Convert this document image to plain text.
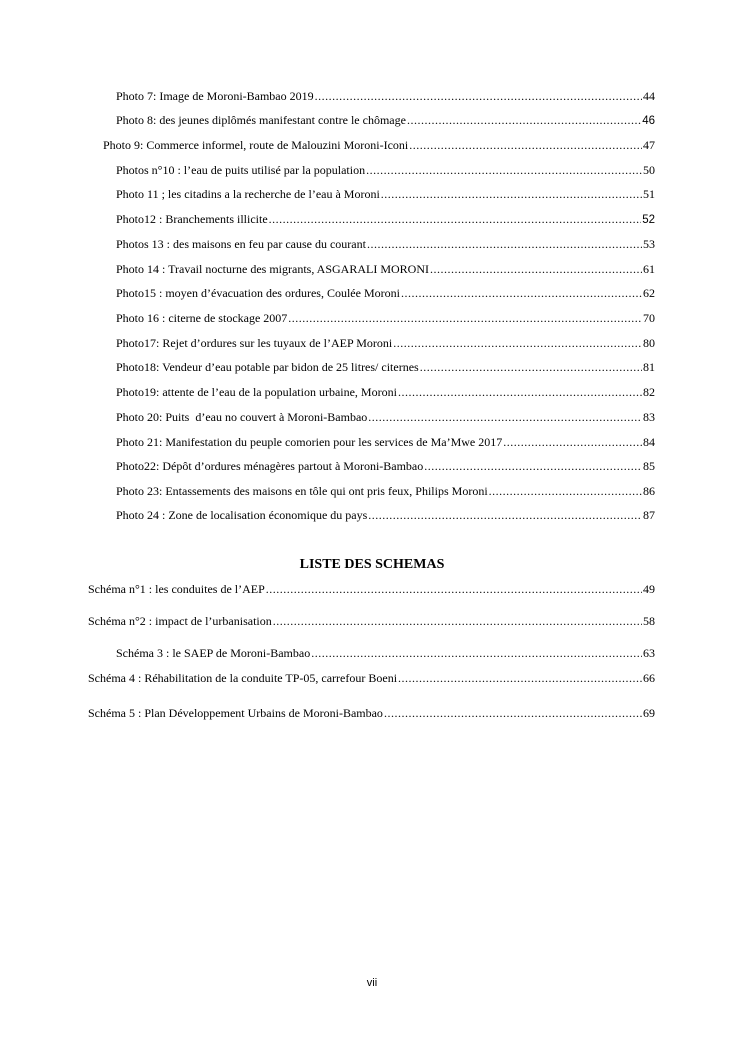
Photo 7: Image de Moroni-Bambao 2019 .....	44
Photo 8: des jeunes diplômés manifestant contre le chômage .....	46
Photo 9: Commerce informel, route de Malouzini Moroni-Iconi .....	47
Photos n°10 : l’eau de puits utilisé par la population .....	50
Photo 11 ; les citadins a la recherche de l’eau à Moroni .....	51
Photo12 : Branchements illicite .....	52
Photos 13 : des maisons en feu par cause du courant .....	53
Photo 14 : Travail nocturne des migrants, ASGARALI MORONI .....	61
Photo15 : moyen d’évacuation des ordures, Coulée Moroni .....	62
Photo 16 : citerne de stockage 2007 .....	70
Photo17: Rejet d’ordures sur les tuyaux de l’AEP Moroni .....	80
Photo18: Vendeur d’eau potable par bidon de 25 litres/ citernes .....	81
Photo19: attente de l’eau de la population urbaine, Moroni .....	82
Photo 20: Puits  d’eau no couvert à Moroni-Bambao .....	83
Photo 21: Manifestation du peuple comorien pour les services de Ma’Mwe 2017 .....	84
Photo22: Dépôt d’ordures ménagères partout à Moroni-Bambao .....	85
Photo 23: Entassements des maisons en tôle qui ont pris feux, Philips Moroni .....	86
Photo 24 : Zone de localisation économique du pays .....	87
LISTE DES SCHEMAS
Schéma n°1 : les conduites de l’AEP .....	49
Schéma n°2 : impact de l’urbanisation .....	58
Schéma 3 : le SAEP de Moroni-Bambao .....	63
Schéma 4 : Réhabilitation de la conduite TP-05, carrefour Boeni .....	66
Schéma 5 : Plan Développement Urbains de Moroni-Bambao .....	69
vii
